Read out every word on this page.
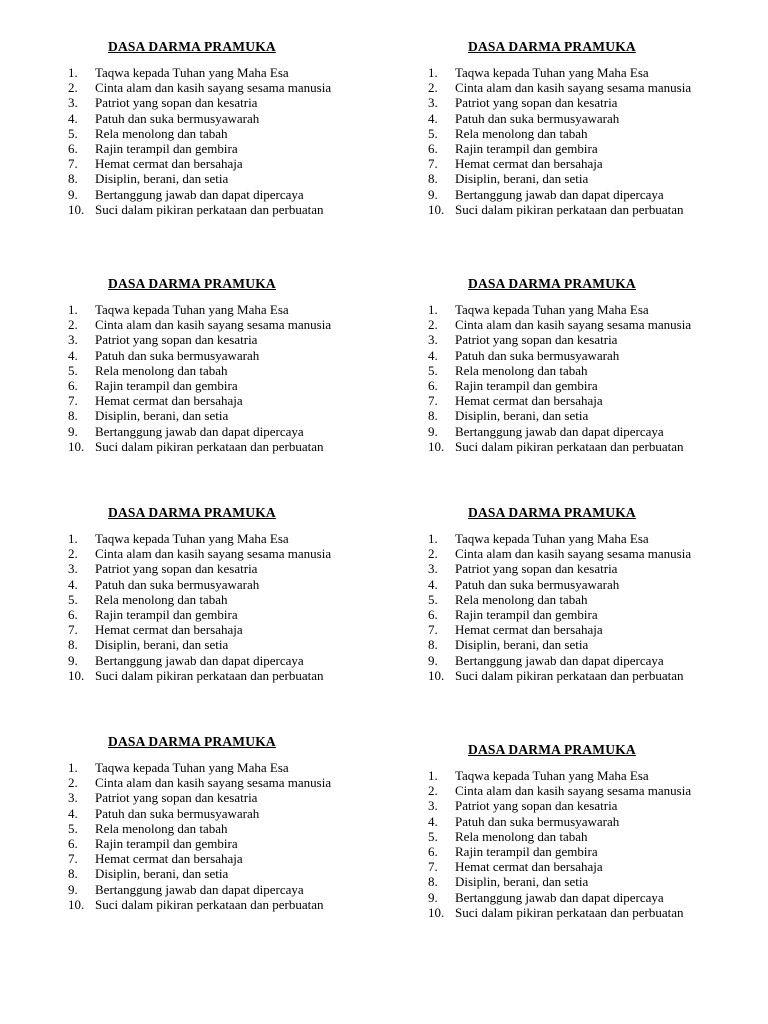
DASA DARMA PRAMUKA
1.	Taqwa kepada Tuhan yang Maha Esa
2.	Cinta alam dan kasih sayang sesama manusia
3.	Patriot yang sopan dan kesatria
4.	Patuh dan suka bermusyawarah
5.	Rela menolong dan tabah
6.	Rajin terampil dan gembira
7.	Hemat cermat dan bersahaja
8.	Disiplin, berani, dan setia
9.	Bertanggung jawab dan dapat dipercaya
10. Suci dalam pikiran perkataan dan perbuatan
DASA DARMA PRAMUKA
1.	Taqwa kepada Tuhan yang Maha Esa
2.	Cinta alam dan kasih sayang sesama manusia
3.	Patriot yang sopan dan kesatria
4.	Patuh dan suka bermusyawarah
5.	Rela menolong dan tabah
6.	Rajin terampil dan gembira
7.	Hemat cermat dan bersahaja
8.	Disiplin, berani, dan setia
9.	Bertanggung jawab dan dapat dipercaya
10. Suci dalam pikiran perkataan dan perbuatan
DASA DARMA PRAMUKA
1.	Taqwa kepada Tuhan yang Maha Esa
2.	Cinta alam dan kasih sayang sesama manusia
3.	Patriot yang sopan dan kesatria
4.	Patuh dan suka bermusyawarah
5.	Rela menolong dan tabah
6.	Rajin terampil dan gembira
7.	Hemat cermat dan bersahaja
8.	Disiplin, berani, dan setia
9.	Bertanggung jawab dan dapat dipercaya
10. Suci dalam pikiran perkataan dan perbuatan
DASA DARMA PRAMUKA
1.	Taqwa kepada Tuhan yang Maha Esa
2.	Cinta alam dan kasih sayang sesama manusia
3.	Patriot yang sopan dan kesatria
4.	Patuh dan suka bermusyawarah
5.	Rela menolong dan tabah
6.	Rajin terampil dan gembira
7.	Hemat cermat dan bersahaja
8.	Disiplin, berani, dan setia
9.	Bertanggung jawab dan dapat dipercaya
10. Suci dalam pikiran perkataan dan perbuatan
DASA DARMA PRAMUKA
1.	Taqwa kepada Tuhan yang Maha Esa
2.	Cinta alam dan kasih sayang sesama manusia
3.	Patriot yang sopan dan kesatria
4.	Patuh dan suka bermusyawarah
5.	Rela menolong dan tabah
6.	Rajin terampil dan gembira
7.	Hemat cermat dan bersahaja
8.	Disiplin, berani, dan setia
9.	Bertanggung jawab dan dapat dipercaya
10. Suci dalam pikiran perkataan dan perbuatan
DASA DARMA PRAMUKA
1.	Taqwa kepada Tuhan yang Maha Esa
2.	Cinta alam dan kasih sayang sesama manusia
3.	Patriot yang sopan dan kesatria
4.	Patuh dan suka bermusyawarah
5.	Rela menolong dan tabah
6.	Rajin terampil dan gembira
7.	Hemat cermat dan bersahaja
8.	Disiplin, berani, dan setia
9.	Bertanggung jawab dan dapat dipercaya
10. Suci dalam pikiran perkataan dan perbuatan
DASA DARMA PRAMUKA
1.	Taqwa kepada Tuhan yang Maha Esa
2.	Cinta alam dan kasih sayang sesama manusia
3.	Patriot yang sopan dan kesatria
4.	Patuh dan suka bermusyawarah
5.	Rela menolong dan tabah
6.	Rajin terampil dan gembira
7.	Hemat cermat dan bersahaja
8.	Disiplin, berani, dan setia
9.	Bertanggung jawab dan dapat dipercaya
10. Suci dalam pikiran perkataan dan perbuatan
DASA DARMA PRAMUKA
1.	Taqwa kepada Tuhan yang Maha Esa
2.	Cinta alam dan kasih sayang sesama manusia
3.	Patriot yang sopan dan kesatria
4.	Patuh dan suka bermusyawarah
5.	Rela menolong dan tabah
6.	Rajin terampil dan gembira
7.	Hemat cermat dan bersahaja
8.	Disiplin, berani, dan setia
9.	Bertanggung jawab dan dapat dipercaya
10. Suci dalam pikiran perkataan dan perbuatan
